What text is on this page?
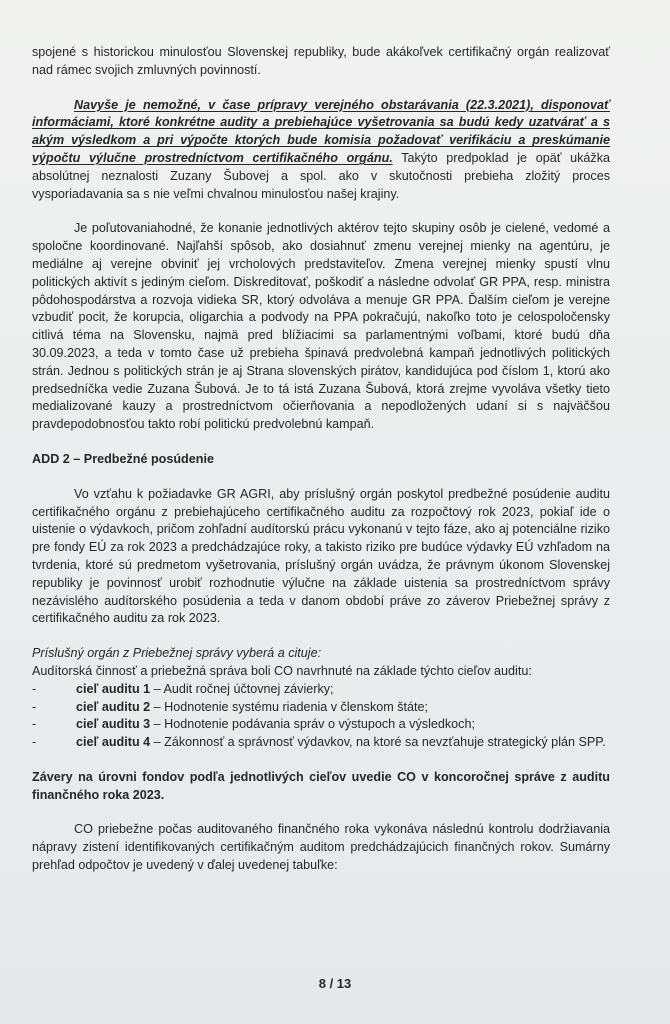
spojené s historickou minulosťou Slovenskej republiky, bude akákoľvek certifikačný orgán realizovať nad rámec svojich zmluvných povinností.

Navyše je nemožné, v čase prípravy verejného obstarávania (22.3.2021), disponovať informáciami, ktoré konkrétne audity a prebiehajúce vyšetrovania sa budú kedy uzatvárať a s akým výsledkom a pri výpočte ktorých bude komisia požadovať verifikáciu a preskúmanie výpočtu výlučne prostredníctvom certifikačného orgánu. Takýto predpoklad je opäť ukážka absolútnej neznalosti Zuzany Šubovej a spol. ako v skutočnosti prebieha zložitý proces vysporiadavania sa s nie veľmi chvalnou minulosťou našej krajiny.

Je poľutovaniahodné, že konanie jednotlivých aktérov tejto skupiny osôb je cielené, vedomé a spoločne koordinované. Najľahší spôsob, ako dosiahnuť zmenu verejnej mienky na agentúru, je mediálne aj verejne obviniť jej vrcholových predstaviteľov. Zmena verejnej mienky spustí vlnu politických aktivít s jediným cieľom. Diskreditovať, poškodiť a následne odvolať GR PPA, resp. ministra pôdohospodárstva a rozvoja vidieka SR, ktorý odvoláva a menuje GR PPA. Ďalším cieľom je verejne vzbudiť pocit, že korupcia, oligarchia a podvody na PPA pokračujú, nakoľko toto je celospoločensky citlivá téma na Slovensku, najmä pred blížiacimi sa parlamentnými voľbami, ktoré budú dňa 30.09.2023, a teda v tomto čase už prebieha špinavá predvolebná kampaň jednotlivých politických strán. Jednou s politických strán je aj Strana slovenských pirátov, kandidujúca pod číslom 1, ktorú ako predsedníčka vedie Zuzana Šubová. Je to tá istá Zuzana Šubová, ktorá zrejme vyvoláva všetky tieto medializované kauzy a prostredníctvom očierňovania a nepodložených udaní si s najväčšou pravdepodobnosťou takto robí politickú predvolebnú kampaň.

ADD 2 – Predbežné posúdenie

Vo vzťahu k požiadavke GR AGRI, aby príslušný orgán poskytol predbežné posúdenie auditu certifikačného orgánu z prebiehajúceho certifikačného auditu za rozpočtový rok 2023, pokiaľ ide o uistenie o výdavkoch, pričom zohľadní audítorskú prácu vykonanú v tejto fáze, ako aj potenciálne riziko pre fondy EÚ za rok 2023 a predchádzajúce roky, a takisto riziko pre budúce výdavky EÚ vzhľadom na tvrdenia, ktoré sú predmetom vyšetrovania, príslušný orgán uvádza, že právnym úkonom Slovenskej republiky je povinnosť urobiť rozhodnutie výlučne na základe uistenia sa prostredníctvom správy nezávislého audítorského posúdenia a teda v danom období práve zo záverov Priebežnej správy z certifikačného auditu za rok 2023.

Príslušný orgán z Priebežnej správy vyberá a cituje:

Audítorská činnosť a priebežná správa boli CO navrhnuté na základe týchto cieľov auditu:

-	cieľ auditu 1 – Audit ročnej účtovnej závierky;
-	cieľ auditu 2 – Hodnotenie systému riadenia v členskom štáte;
-	cieľ auditu 3 – Hodnotenie podávania správ o výstupoch a výsledkoch;
-	cieľ auditu 4 – Zákonnosť a správnosť výdavkov, na ktoré sa nevzťahuje strategický plán SPP.

Závery na úrovni fondov podľa jednotlivých cieľov uvedie CO v koncoročnej správe z auditu finančného roka 2023.

CO priebežne počas auditovaného finančného roka vykonáva následnú kontrolu dodržiavania nápravy zistení identifikovaných certifikačným auditom predchádzajúcich finančných rokov. Sumárny prehľad odpočtov je uvedený v ďalej uvedenej tabuľke:

8 / 13
